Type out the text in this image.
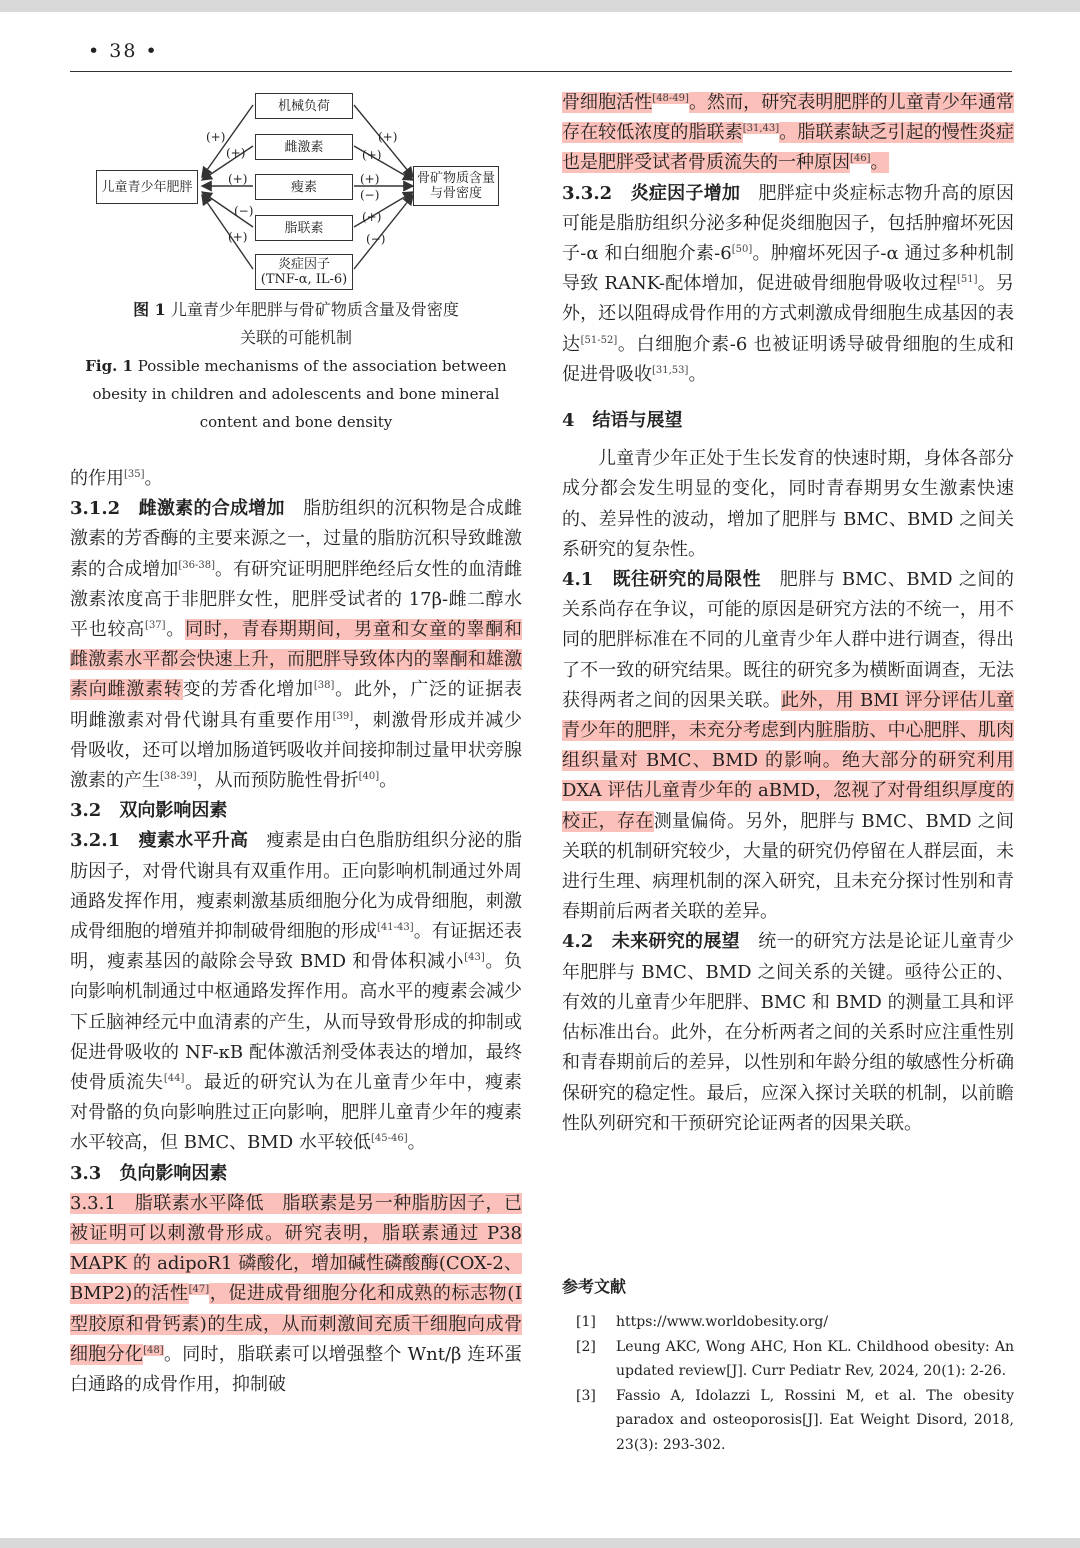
• 38 •
儿童青少年肥胖
骨矿物质含量
与骨密度
机械负荷
雌激素
瘦素
脂联素
炎症因子
(TNF-α, IL-6)
(+)
(+)
(+)
(−)
(+)
(+)
(+)
(+)
(−)
(+)
(−)
图 1 儿童青少年肥胖与骨矿物质含量及骨密度
关联的可能机制
Fig. 1 Possible mechanisms of the association between
obesity in children and adolescents and bone mineral
content and bone density

的作用[35]。

3.1.2　雌激素的合成增加　脂肪组织的沉积物是合成雌激素的芳香酶的主要来源之一，过量的脂肪沉积导致雌激素的合成增加[36-38]。有研究证明肥胖绝经后女性的血清雌激素浓度高于非肥胖女性，肥胖受试者的 17β-雌二醇水平也较高[37]。同时，青春期期间，男童和女童的睾酮和雌激素水平都会快速上升，而肥胖导致体内的睾酮和雄激素向雌激素转变的芳香化增加[38]。此外，广泛的证据表明雌激素对骨代谢具有重要作用[39]，刺激骨形成并减少骨吸收，还可以增加肠道钙吸收并间接抑制过量甲状旁腺激素的产生[38-39]，从而预防脆性骨折[40]。

3.2　双向影响因素

3.2.1　瘦素水平升高　瘦素是由白色脂肪组织分泌的脂肪因子，对骨代谢具有双重作用。正向影响机制通过外周通路发挥作用，瘦素刺激基质细胞分化为成骨细胞，刺激成骨细胞的增殖并抑制破骨细胞的形成[41-43]。有证据还表明，瘦素基因的敲除会导致 BMD 和骨体积减小[43]。负向影响机制通过中枢通路发挥作用。高水平的瘦素会减少下丘脑神经元中血清素的产生，从而导致骨形成的抑制或促进骨吸收的 NF-κB 配体激活剂受体表达的增加，最终使骨质流失[44]。最近的研究认为在儿童青少年中，瘦素对骨骼的负向影响胜过正向影响，肥胖儿童青少年的瘦素水平较高，但 BMC、BMD 水平较低[45-46]。

3.3　负向影响因素

3.3.1　脂联素水平降低　脂联素是另一种脂肪因子，已被证明可以刺激骨形成。研究表明，脂联素通过 P38 MAPK 的 adipoR1 磷酸化，增加碱性磷酸酶(COX-2、BMP2)的活性[47]，促进成骨细胞分化和成熟的标志物(Ⅰ型胶原和骨钙素)的生成，从而刺激间充质干细胞向成骨细胞分化[48]。同时，脂联素可以增强整个 Wnt/β 连环蛋白通路的成骨作用，抑制破

骨细胞活性[48-49]。然而，研究表明肥胖的儿童青少年通常存在较低浓度的脂联素[31,43]。脂联素缺乏引起的慢性炎症也是肥胖受试者骨质流失的一种原因[46]。

3.3.2　炎症因子增加　肥胖症中炎症标志物升高的原因可能是脂肪组织分泌多种促炎细胞因子，包括肿瘤坏死因子-α 和白细胞介素-6[50]。肿瘤坏死因子-α 通过多种机制导致 RANK-配体增加，促进破骨细胞骨吸收过程[51]。另外，还以阻碍成骨作用的方式刺激成骨细胞生成基因的表达[51-52]。白细胞介素-6 也被证明诱导破骨细胞的生成和促进骨吸收[31,53]。

4　结语与展望

儿童青少年正处于生长发育的快速时期，身体各部分成分都会发生明显的变化，同时青春期男女生激素快速的、差异性的波动，增加了肥胖与 BMC、BMD 之间关系研究的复杂性。

4.1　既往研究的局限性　肥胖与 BMC、BMD 之间的关系尚存在争议，可能的原因是研究方法的不统一，用不同的肥胖标准在不同的儿童青少年人群中进行调查，得出了不一致的研究结果。既往的研究多为横断面调查，无法获得两者之间的因果关联。此外，用 BMI 评分评估儿童青少年的肥胖，未充分考虑到内脏脂肪、中心肥胖、肌肉组织量对 BMC、BMD 的影响。绝大部分的研究利用 DXA 评估儿童青少年的 aBMD，忽视了对骨组织厚度的校正，存在测量偏倚。另外，肥胖与 BMC、BMD 之间关联的机制研究较少，大量的研究仍停留在人群层面，未进行生理、病理机制的深入研究，且未充分探讨性别和青春期前后两者关联的差异。

4.2　未来研究的展望　统一的研究方法是论证儿童青少年肥胖与 BMC、BMD 之间关系的关键。亟待公正的、有效的儿童青少年肥胖、BMC 和 BMD 的测量工具和评估标准出台。此外，在分析两者之间的关系时应注重性别和青春期前后的差异，以性别和年龄分组的敏感性分析确保研究的稳定性。最后，应深入探讨关联的机制，以前瞻性队列研究和干预研究论证两者的因果关联。

参考文献
[1] https://www.worldobesity.org/
[2] Leung AKC, Wong AHC, Hon KL. Childhood obesity: An updated review[J]. Curr Pediatr Rev, 2024, 20(1): 2-26.
[3] Fassio A, Idolazzi L, Rossini M, et al. The obesity paradox and osteoporosis[J]. Eat Weight Disord, 2018, 23(3): 293-302.
